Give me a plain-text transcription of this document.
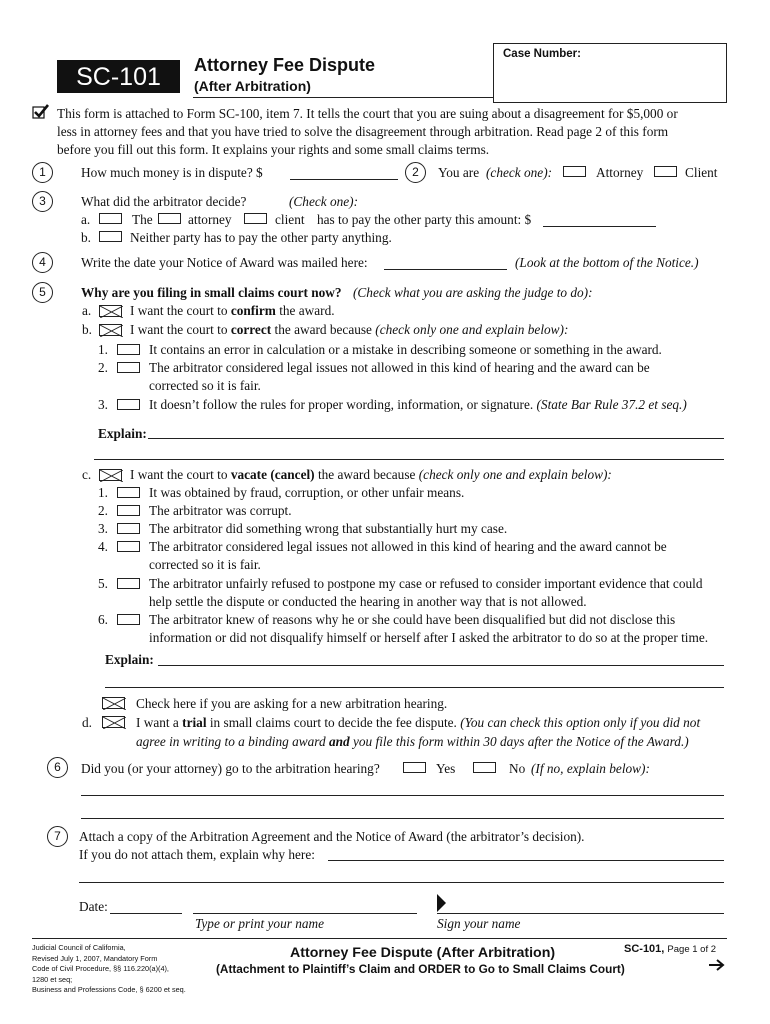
SC-101	Attorney Fee Dispute
(After Arbitration)
Case Number:
This form is attached to Form SC-100, item 7. It tells the court that you are suing about a disagreement for $5,000 or
less in attorney fees and that you have tried to solve the disagreement through arbitration. Read page 2 of this form
before you fill out this form. It explains your rights and some small claims terms.
1	How much money is in dispute? $	2	You are (check one):	Attorney	Client
3	What did the arbitrator decide?	(Check one):
a.	The	attorney	client has to pay the other party this amount: $
b.	Neither party has to pay the other party anything.
4	Write the date your Notice of Award was mailed here:	(Look at the bottom of the Notice.)
5	Why are you filing in small claims court now? (Check what you are asking the judge to do):
a.	I want the court to confirm the award.
b.	I want the court to correct the award because (check only one and explain below):
1.	It contains an error in calculation or a mistake in describing someone or something in the award.
2.	The arbitrator considered legal issues not allowed in this kind of hearing and the award can be
corrected so it is fair.
3.	It doesn’t follow the rules for proper wording, information, or signature. (State Bar Rule 37.2 et seq.)
Explain:
c.	I want the court to vacate (cancel) the award because (check only one and explain below):
1.	It was obtained by fraud, corruption, or other unfair means.
2.	The arbitrator was corrupt.
3.	The arbitrator did something wrong that substantially hurt my case.
4.	The arbitrator considered legal issues not allowed in this kind of hearing and the award cannot be
corrected so it is fair.
5.	The arbitrator unfairly refused to postpone my case or refused to consider important evidence that could
help settle the dispute or conducted the hearing in another way that is not allowed.
6.	The arbitrator knew of reasons why he or she could have been disqualified but did not disclose this
information or did not disqualify himself or herself after I asked the arbitrator to do so at the proper time.
Explain:
Check here if you are asking for a new arbitration hearing.
d.	I want a trial in small claims court to decide the fee dispute. (You can check this option only if you did not
agree in writing to a binding award and you file this form within 30 days after the Notice of the Award.)
6	Did you (or your attorney) go to the arbitration hearing?	Yes	No (If no, explain below):
7	Attach a copy of the Arbitration Agreement and the Notice of Award (the arbitrator’s decision).
If you do not attach them, explain why here:
Date:
Type or print your name	Sign your name
Judicial Council of California,
Revised July 1, 2007, Mandatory Form
Code of Civil Procedure, §§ 116.220(a)(4),
1280 et seq;
Business and Professions Code, § 6200 et seq.
Attorney Fee Dispute (After Arbitration)
(Attachment to Plaintiff’s Claim and ORDER to Go to Small Claims Court)
SC-101, Page 1 of 2
